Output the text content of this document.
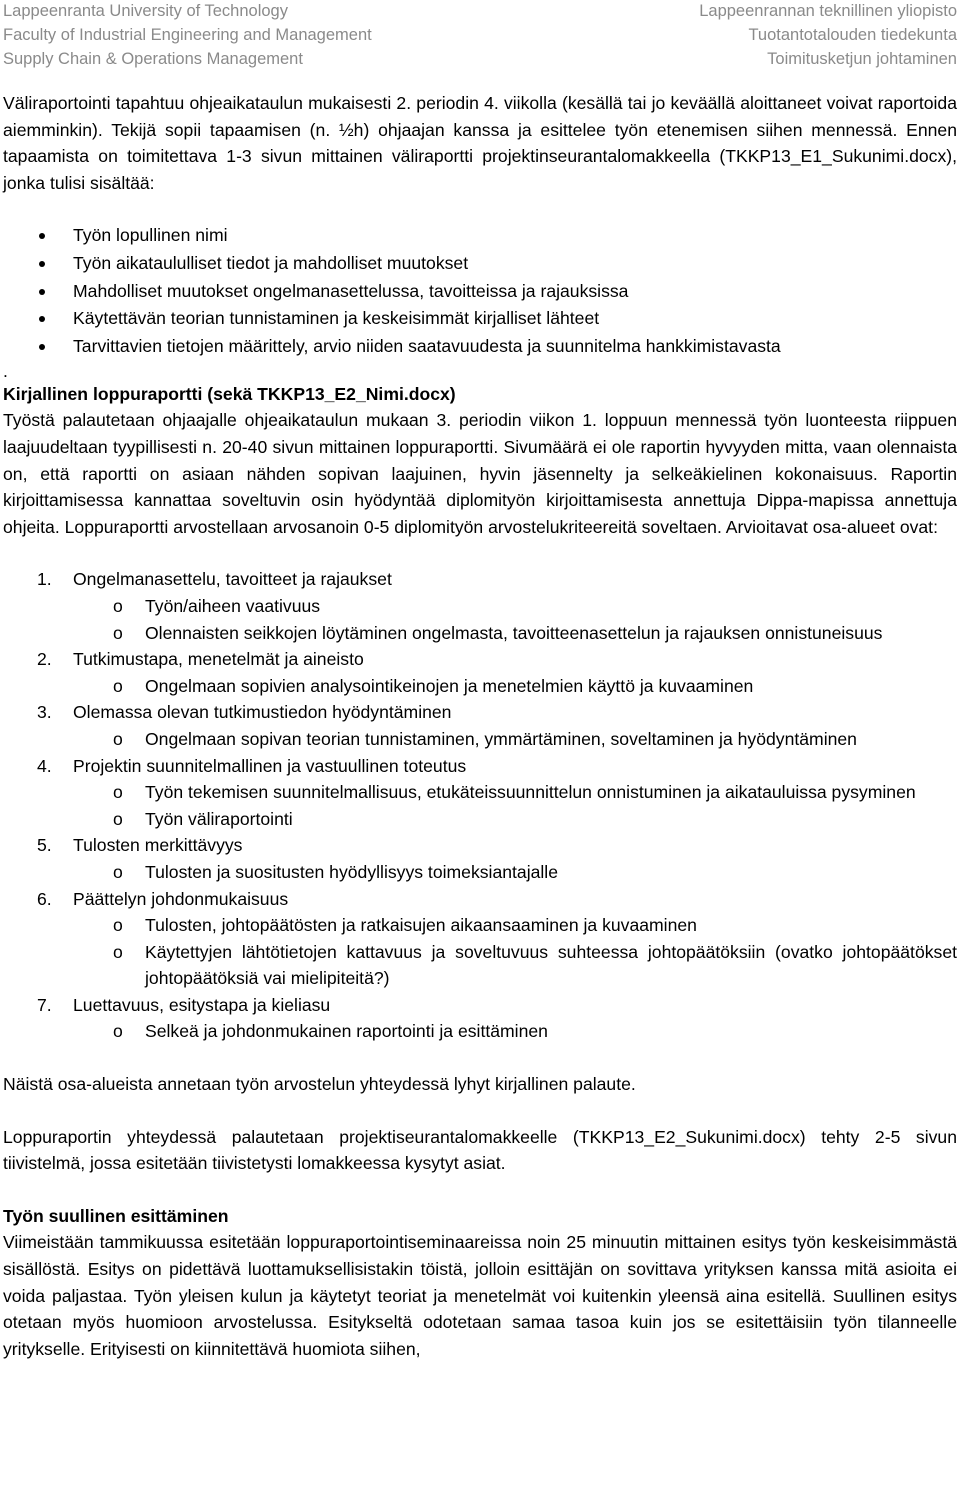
Lappeenranta University of Technology
Faculty of Industrial Engineering and Management
Supply Chain & Operations Management
Lappeenrannan teknillinen yliopisto
Tuotantotalouden tiedekunta
Toimitusketjun johtaminen

Väliraportointi tapahtuu ohjeaikataulun mukaisesti 2. periodin 4. viikolla (kesällä tai jo keväällä aloittaneet voivat raportoida aiemminkin). Tekijä sopii tapaamisen (n. ½h) ohjaajan kanssa ja esittelee työn etenemisen siihen mennessä. Ennen tapaamista on toimitettava 1-3 sivun mittainen väliraportti projektinseurantalomakkeella (TKKP13_E1_Sukunimi.docx), jonka tulisi sisältää:

Työn lopullinen nimi
Työn aikataululliset tiedot ja mahdolliset muutokset
Mahdolliset muutokset ongelmanasettelussa, tavoitteissa ja rajauksissa
Käytettävän teorian tunnistaminen ja keskeisimmät kirjalliset lähteet
Tarvittavien tietojen määrittely, arvio niiden saatavuudesta ja suunnitelma hankkimistavasta
.
Kirjallinen loppuraportti (sekä TKKP13_E2_Nimi.docx)

Työstä palautetaan ohjaajalle ohjeaikataulun mukaan 3. periodin viikon 1. loppuun mennessä työn luonteesta riippuen laajuudeltaan tyypillisesti n. 20-40 sivun mittainen loppuraportti. Sivumäärä ei ole raportin hyvyyden mitta, vaan olennaista on, että raportti on asiaan nähden sopivan laajuinen, hyvin jäsennelty ja selkeäkielinen kokonaisuus. Raportin kirjoittamisessa kannattaa soveltuvin osin hyödyntää diplomityön kirjoittamisesta annettuja Dippa-mapissa annettuja ohjeita. Loppuraportti arvostellaan arvosanoin 0-5 diplomityön arvostelukriteereitä soveltaen. Arvioitavat osa-alueet ovat:

1. Ongelmanasettelu, tavoitteet ja rajaukset
o Työn/aiheen vaativuus
o Olennaisten seikkojen löytäminen ongelmasta, tavoitteenasettelun ja rajauksen onnistuneisuus
2. Tutkimustapa, menetelmät ja aineisto
o Ongelmaan sopivien analysointikeinojen ja menetelmien käyttö ja kuvaaminen
3. Olemassa olevan tutkimustiedon hyödyntäminen
o Ongelmaan sopivan teorian tunnistaminen, ymmärtäminen, soveltaminen ja hyödyntäminen
4. Projektin suunnitelmallinen ja vastuullinen toteutus
o Työn tekemisen suunnitelmallisuus, etukäteissuunnittelun onnistuminen ja aikatauluissa pysyminen
o Työn väliraportointi
5. Tulosten merkittävyys
o Tulosten ja suositusten hyödyllisyys toimeksiantajalle
6. Päättelyn johdonmukaisuus
o Tulosten, johtopäätösten ja ratkaisujen aikaansaaminen ja kuvaaminen
o Käytettyjen lähtötietojen kattavuus ja soveltuvuus suhteessa johtopäätöksiin (ovatko johtopäätökset johtopäätöksiä vai mielipiteitä?)
7. Luettavuus, esitystapa ja kieliasu
o Selkeä ja johdonmukainen raportointi ja esittäminen

Näistä osa-alueista annetaan työn arvostelun yhteydessä lyhyt kirjallinen palaute.

Loppuraportin yhteydessä palautetaan projektiseurantalomakkeelle (TKKP13_E2_Sukunimi.docx) tehty 2-5 sivun tiivistelmä, jossa esitetään tiivistetysti lomakkeessa kysytyt asiat.

Työn suullinen esittäminen

Viimeistään tammikuussa esitetään loppuraportointiseminaareissa noin 25 minuutin mittainen esitys työn keskeisimmästä sisällöstä. Esitys on pidettävä luottamuksellisistakin töistä, jolloin esittäjän on sovittava yrityksen kanssa mitä asioita ei voida paljastaa. Työn yleisen kulun ja käytetyt teoriat ja menetelmät voi kuitenkin yleensä aina esitellä. Suullinen esitys otetaan myös huomioon arvostelussa. Esitykseltä odotetaan samaa tasoa kuin jos se esitettäisiin työn tilanneelle yritykselle. Erityisesti on kiinnitettävä huomiota siihen,
